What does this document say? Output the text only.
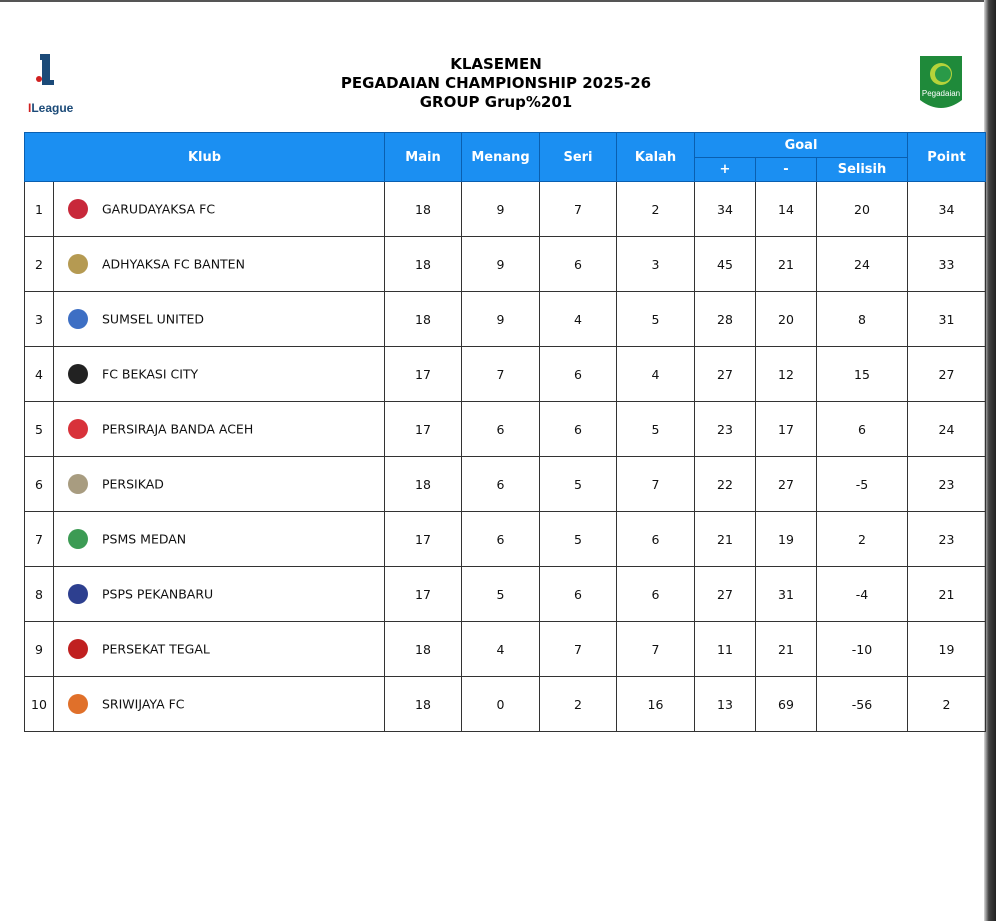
ILeague
KLASEMEN
PEGADAIAN CHAMPIONSHIP 2025-26
GROUP Grup%201	Pegadaian
Klub		Main	Menang	Seri	Kalah	Goal			Point
						+	-	Selisih	
1	GARUDAYAKSA FC	18	9	7	2	34	14	20	34
2	ADHYAKSA FC BANTEN	18	9	6	3	45	21	24	33
3	SUMSEL UNITED	18	9	4	5	28	20	8	31
4	FC BEKASI CITY	17	7	6	4	27	12	15	27
5	PERSIRAJA BANDA ACEH	17	6	6	5	23	17	6	24
6	PERSIKAD	18	6	5	7	22	27	-5	23
7	PSMS MEDAN	17	6	5	6	21	19	2	23
8	PSPS PEKANBARU	17	5	6	6	27	31	-4	21
9	PERSEKAT TEGAL	18	4	7	7	11	21	-10	19
10	SRIWIJAYA FC	18	0	2	16	13	69	-56	2
